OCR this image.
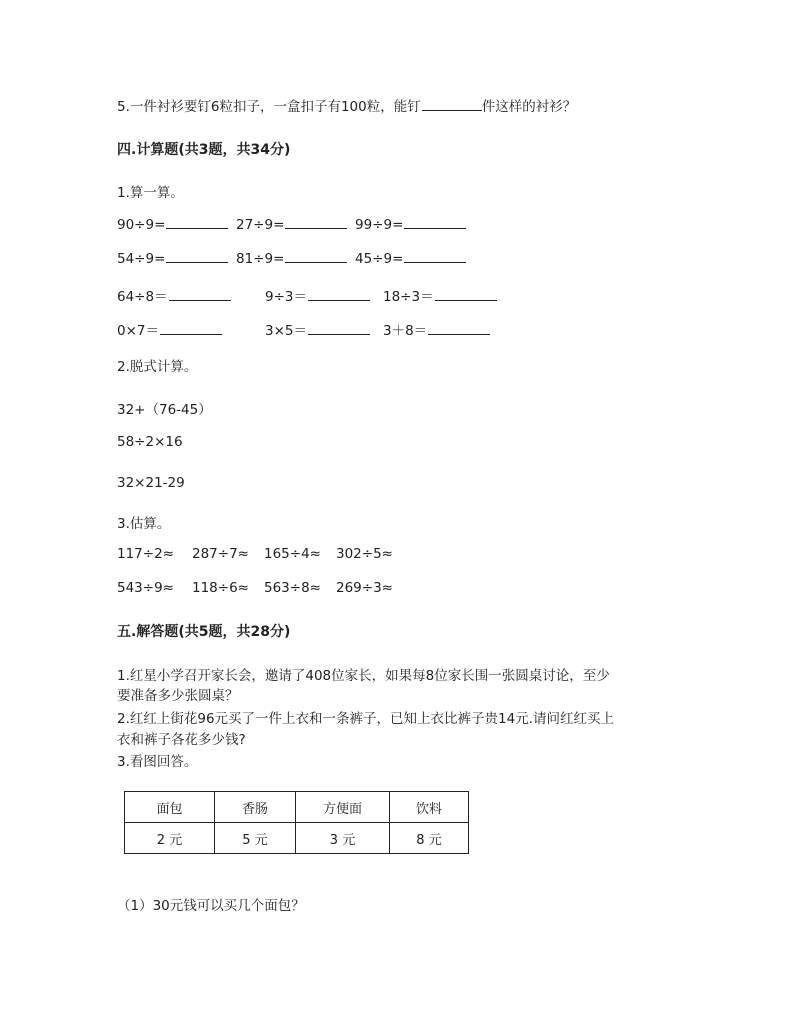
5.一件衬衫要钉6粒扣子，一盒扣子有100粒，能钉	件这样的衬衫？
四.计算题(共3题，共34分)
1.算一算。
90÷9=	27÷9=	99÷9=
54÷9=	81÷9=	45÷9=
64÷8＝	9÷3＝	18÷3＝
0×7＝	3×5＝	3＋8＝
2.脱式计算。
32+（76-45）
58÷2×16
32×21-29
3.估算。
117÷2≈ 287÷7≈ 165÷4≈ 302÷5≈
543÷9≈ 118÷6≈ 563÷8≈ 269÷3≈
五.解答题(共5题，共28分)
1.红星小学召开家长会，邀请了408位家长，如果每8位家长围一张圆桌讨论，至少
要准备多少张圆桌？
2.红红上街花96元买了一件上衣和一条裤子，已知上衣比裤子贵14元.请问红红买上
衣和裤子各花多少钱?
3.看图回答。
面包	香肠	方便面	饮料
2 元	5 元	3 元	8 元
（1）30元钱可以买几个面包？
